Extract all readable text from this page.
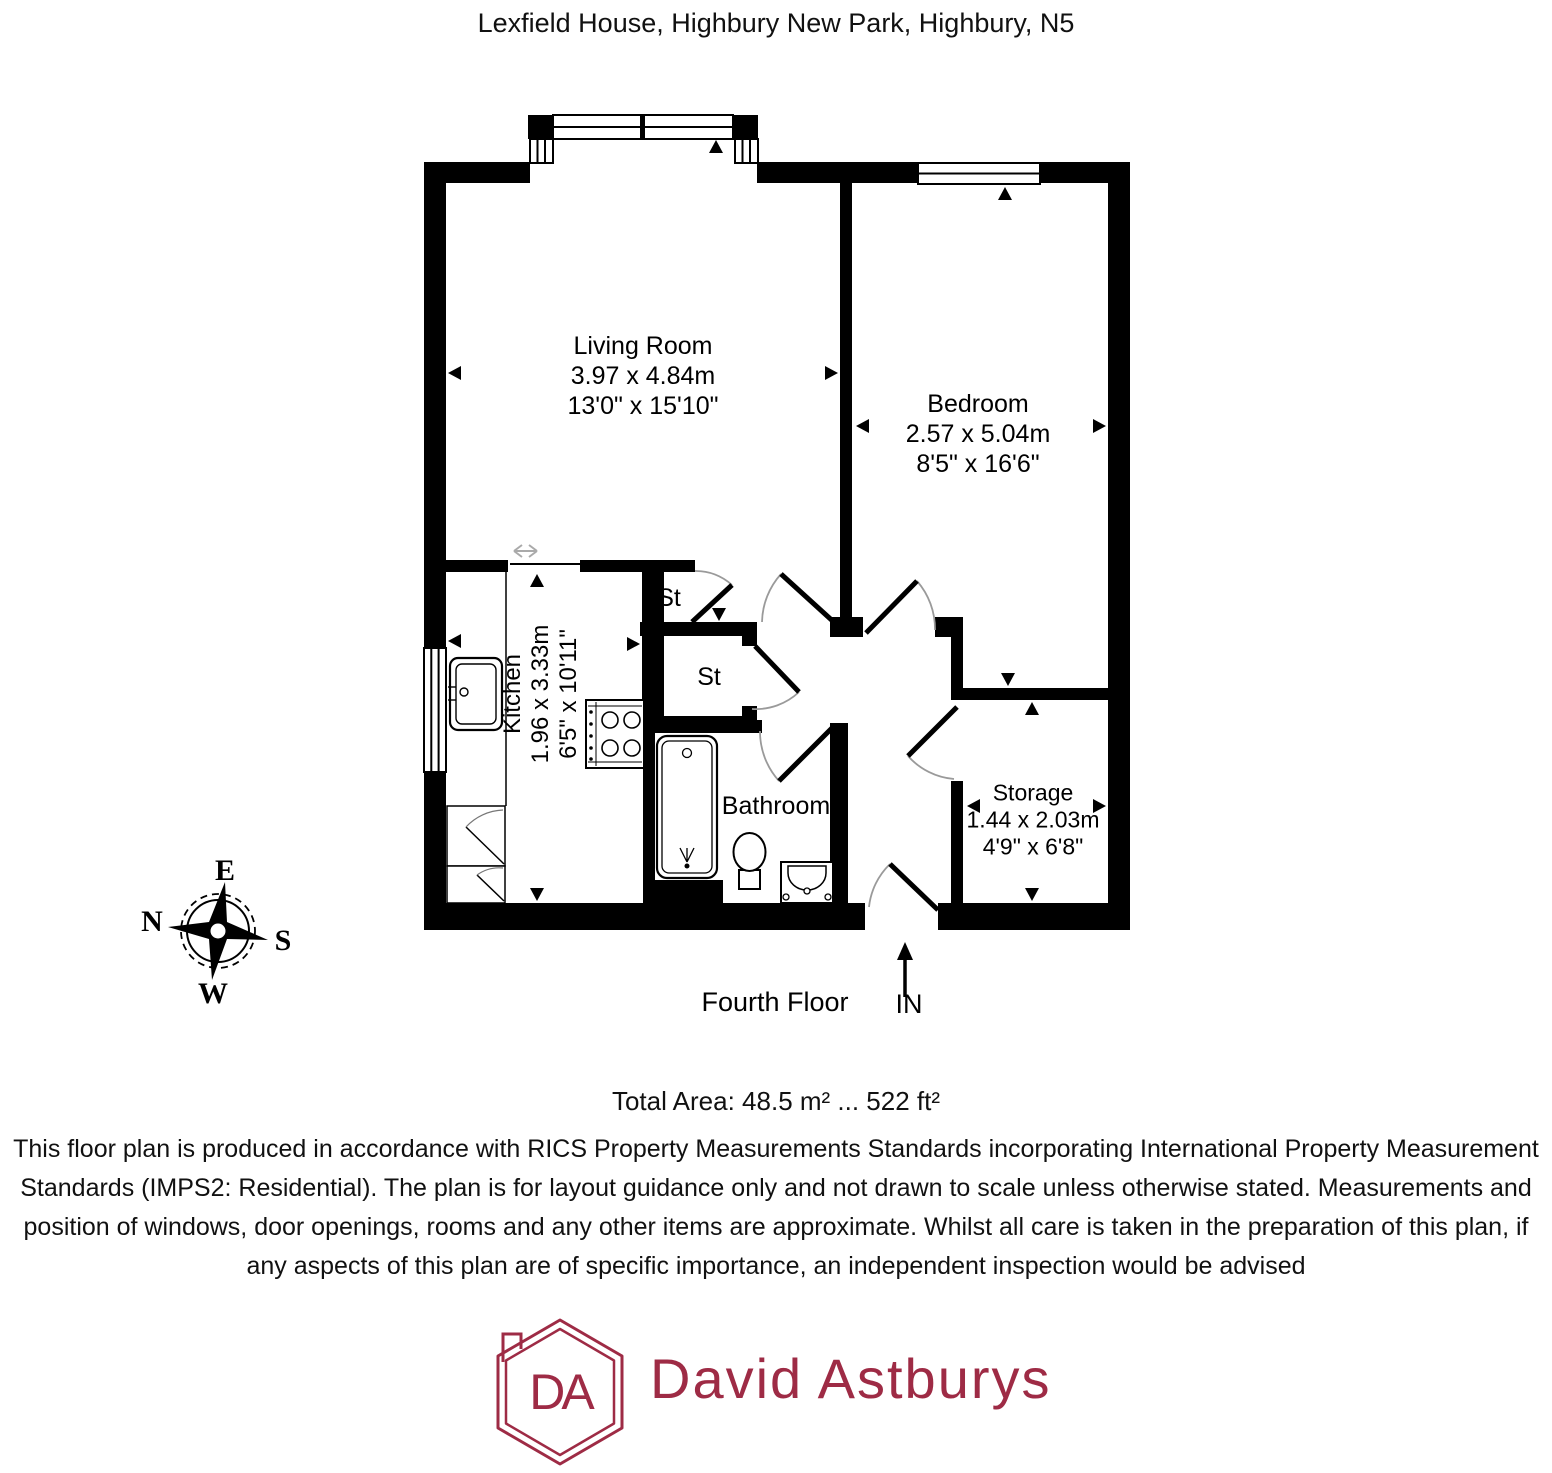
Lexfield House, Highbury New Park, Highbury, N5
Living Room
3.97 x 4.84m
13'0" x 15'10"	Bedroom
2.57 x 5.04m
8'5" x 16'6"
Kitchen 1.96 x 3.33m 6'5" x 10'11"
Bathroom	Storage
1.44 x 2.03m
4'9" x 6'8"
St
St
Fourth Floor IN
E
N
S
W
Total Area: 48.5 m² ... 522 ft²
This floor plan is produced in accordance with RICS Property Measurements Standards incorporating International Property Measurement Standards (IMPS2: Residential). The plan is for layout guidance only and not drawn to scale unless otherwise stated. Measurements and position of windows, door openings, rooms and any other items are approximate. Whilst all care is taken in the preparation of this plan, if any aspects of this plan are of specific importance, an independent inspection would be advised
DA David Astburys
